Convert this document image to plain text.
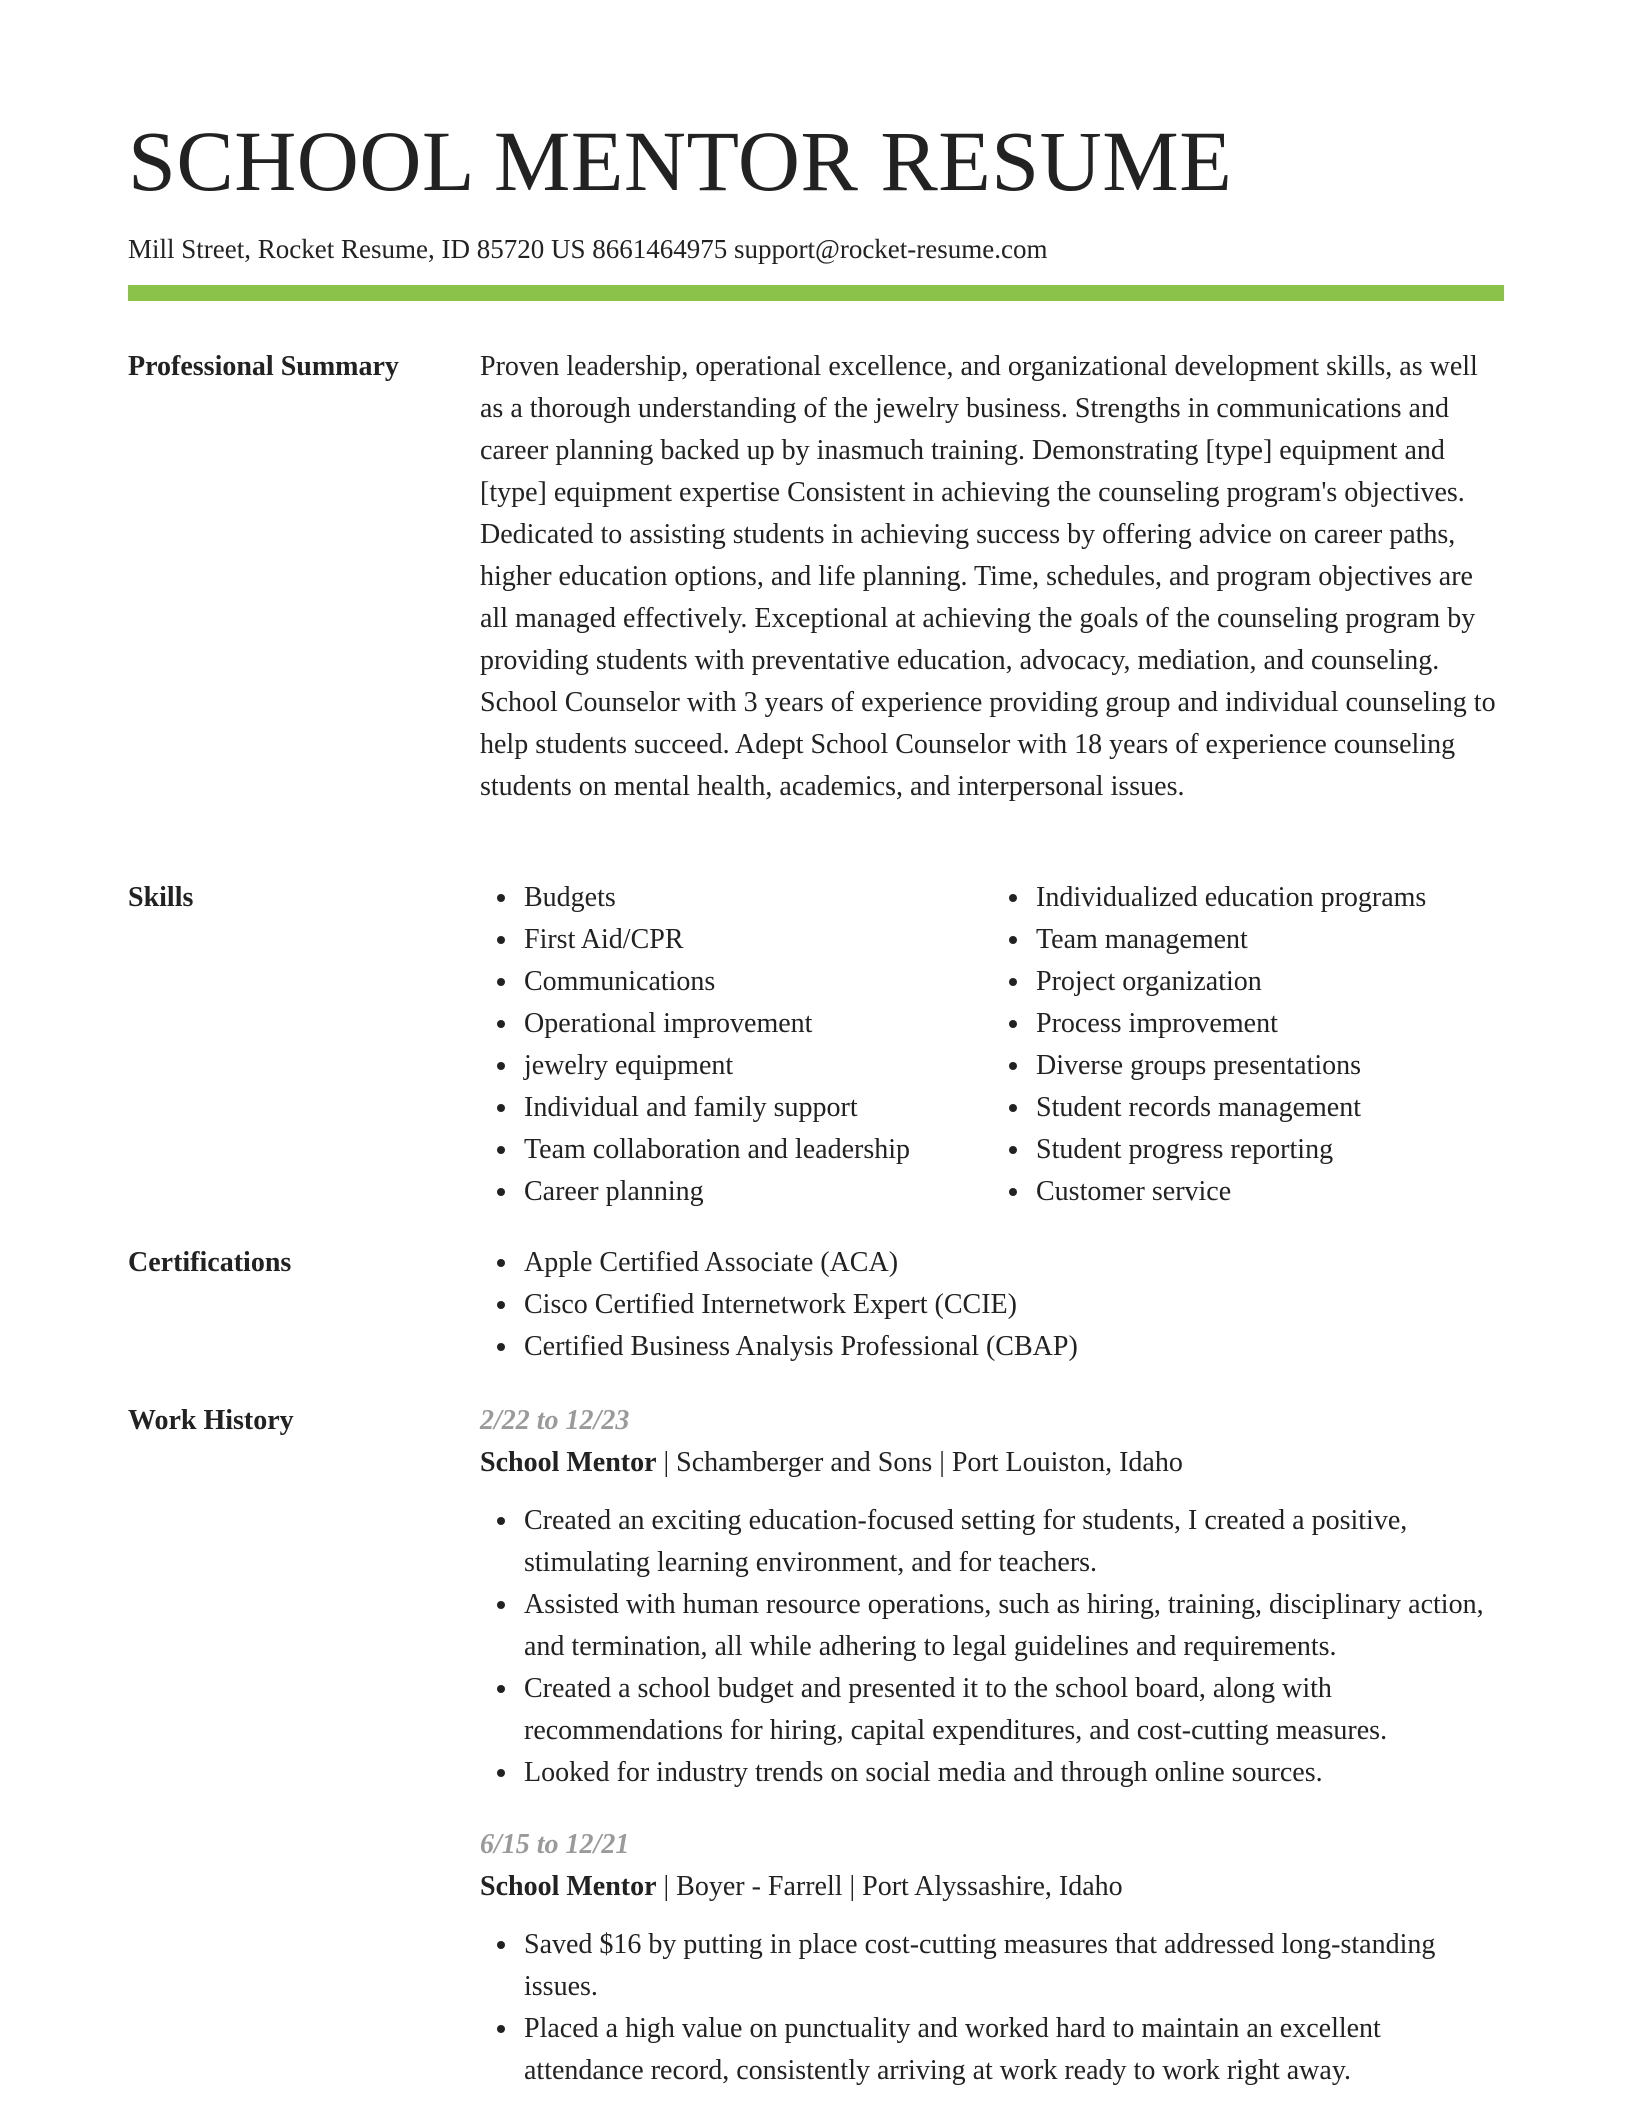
SCHOOL MENTOR RESUME
Mill Street, Rocket Resume, ID 85720 US 8661464975 support@rocket-resume.com
Professional Summary	Proven leadership, operational excellence, and organizational development skills, as well as a thorough understanding of the jewelry business. Strengths in communications and career planning backed up by inasmuch training. Demonstrating [type] equipment and [type] equipment expertise Consistent in achieving the counseling program's objectives. Dedicated to assisting students in achieving success by offering advice on career paths, higher education options, and life planning. Time, schedules, and program objectives are all managed effectively. Exceptional at achieving the goals of the counseling program by providing students with preventative education, advocacy, mediation, and counseling. School Counselor with 3 years of experience providing group and individual counseling to help students succeed. Adept School Counselor with 18 years of experience counseling students on mental health, academics, and interpersonal issues.
Skills	Budgets
First Aid/CPR
Communications
Operational improvement
jewelry equipment
Individual and family support
Team collaboration and leadership
Career planning
Individualized education programs
Team management
Project organization
Process improvement
Diverse groups presentations
Student records management
Student progress reporting
Customer service
Certifications	Apple Certified Associate (ACA)
Cisco Certified Internetwork Expert (CCIE)
Certified Business Analysis Professional (CBAP)
Work History	2/22 to 12/23
School Mentor | Schamberger and Sons | Port Louiston, Idaho
Created an exciting education-focused setting for students, I created a positive, stimulating learning environment, and for teachers.
Assisted with human resource operations, such as hiring, training, disciplinary action, and termination, all while adhering to legal guidelines and requirements.
Created a school budget and presented it to the school board, along with recommendations for hiring, capital expenditures, and cost-cutting measures.
Looked for industry trends on social media and through online sources.
6/15 to 12/21
School Mentor | Boyer - Farrell | Port Alyssashire, Idaho
Saved $16 by putting in place cost-cutting measures that addressed long-standing issues.
Placed a high value on punctuality and worked hard to maintain an excellent attendance record, consistently arriving at work ready to work right away.
